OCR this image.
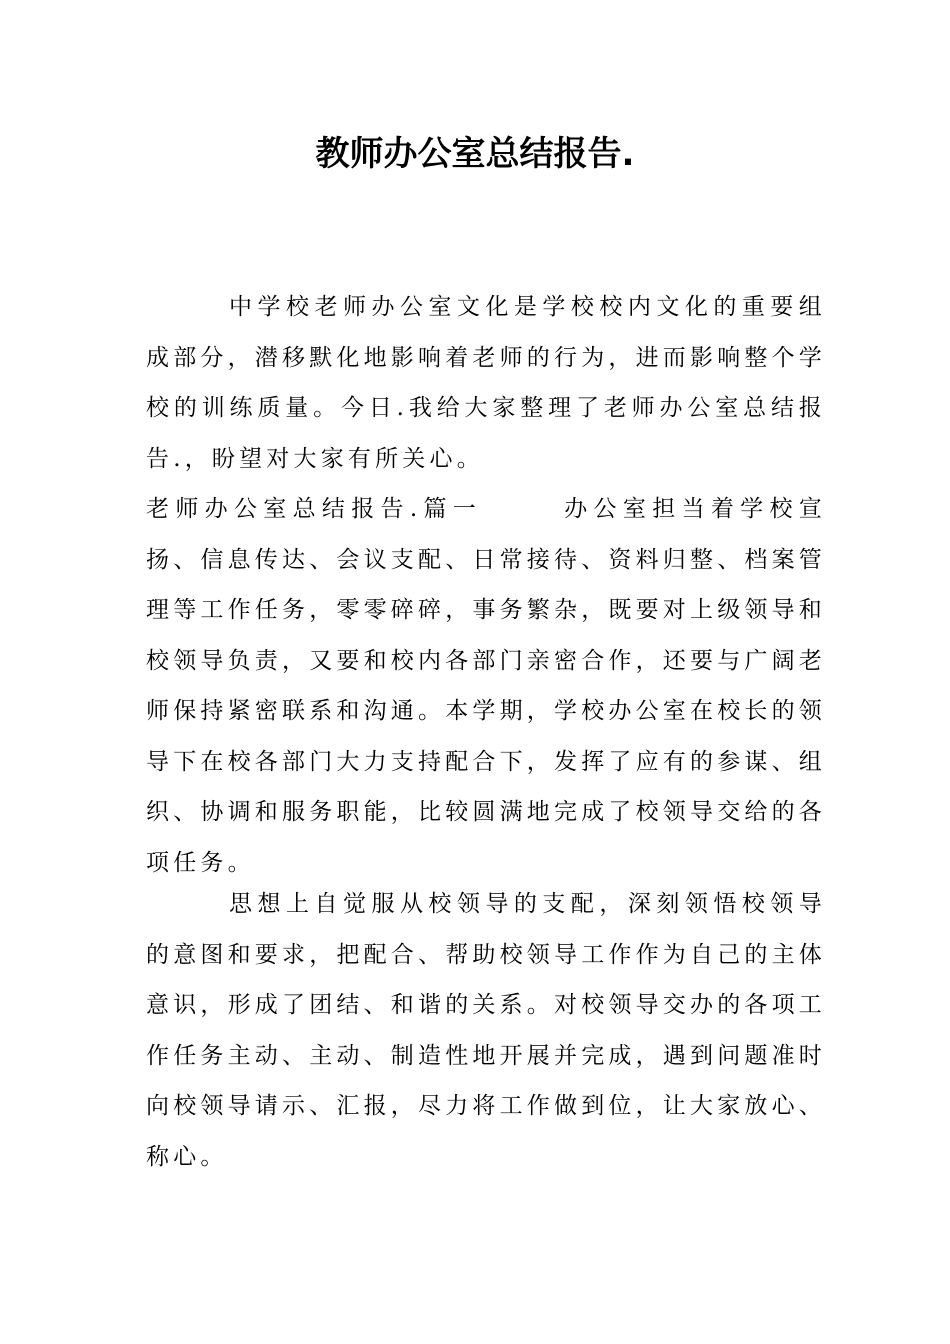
教师办公室总结报告.

中学校老师办公室文化是学校校内文化的重要组成部分，潜移默化地影响着老师的行为，进而影响整个学校的训练质量。今日.我给大家整理了老师办公室总结报告.，盼望对大家有所关心。

老师办公室总结报告.篇一	办公室担当着学校宣扬、信息传达、会议支配、日常接待、资料归整、档案管理等工作任务，零零碎碎，事务繁杂，既要对上级领导和校领导负责，又要和校内各部门亲密合作，还要与广阔老师保持紧密联系和沟通。本学期，学校办公室在校长的领导下在校各部门大力支持配合下，发挥了应有的参谋、组织、协调和服务职能，比较圆满地完成了校领导交给的各项任务。

思想上自觉服从校领导的支配，深刻领悟校领导的意图和要求，把配合、帮助校领导工作作为自己的主体意识，形成了团结、和谐的关系。对校领导交办的各项工作任务主动、主动、制造性地开展并完成，遇到问题准时向校领导请示、汇报，尽力将工作做到位，让大家放心、称心。
